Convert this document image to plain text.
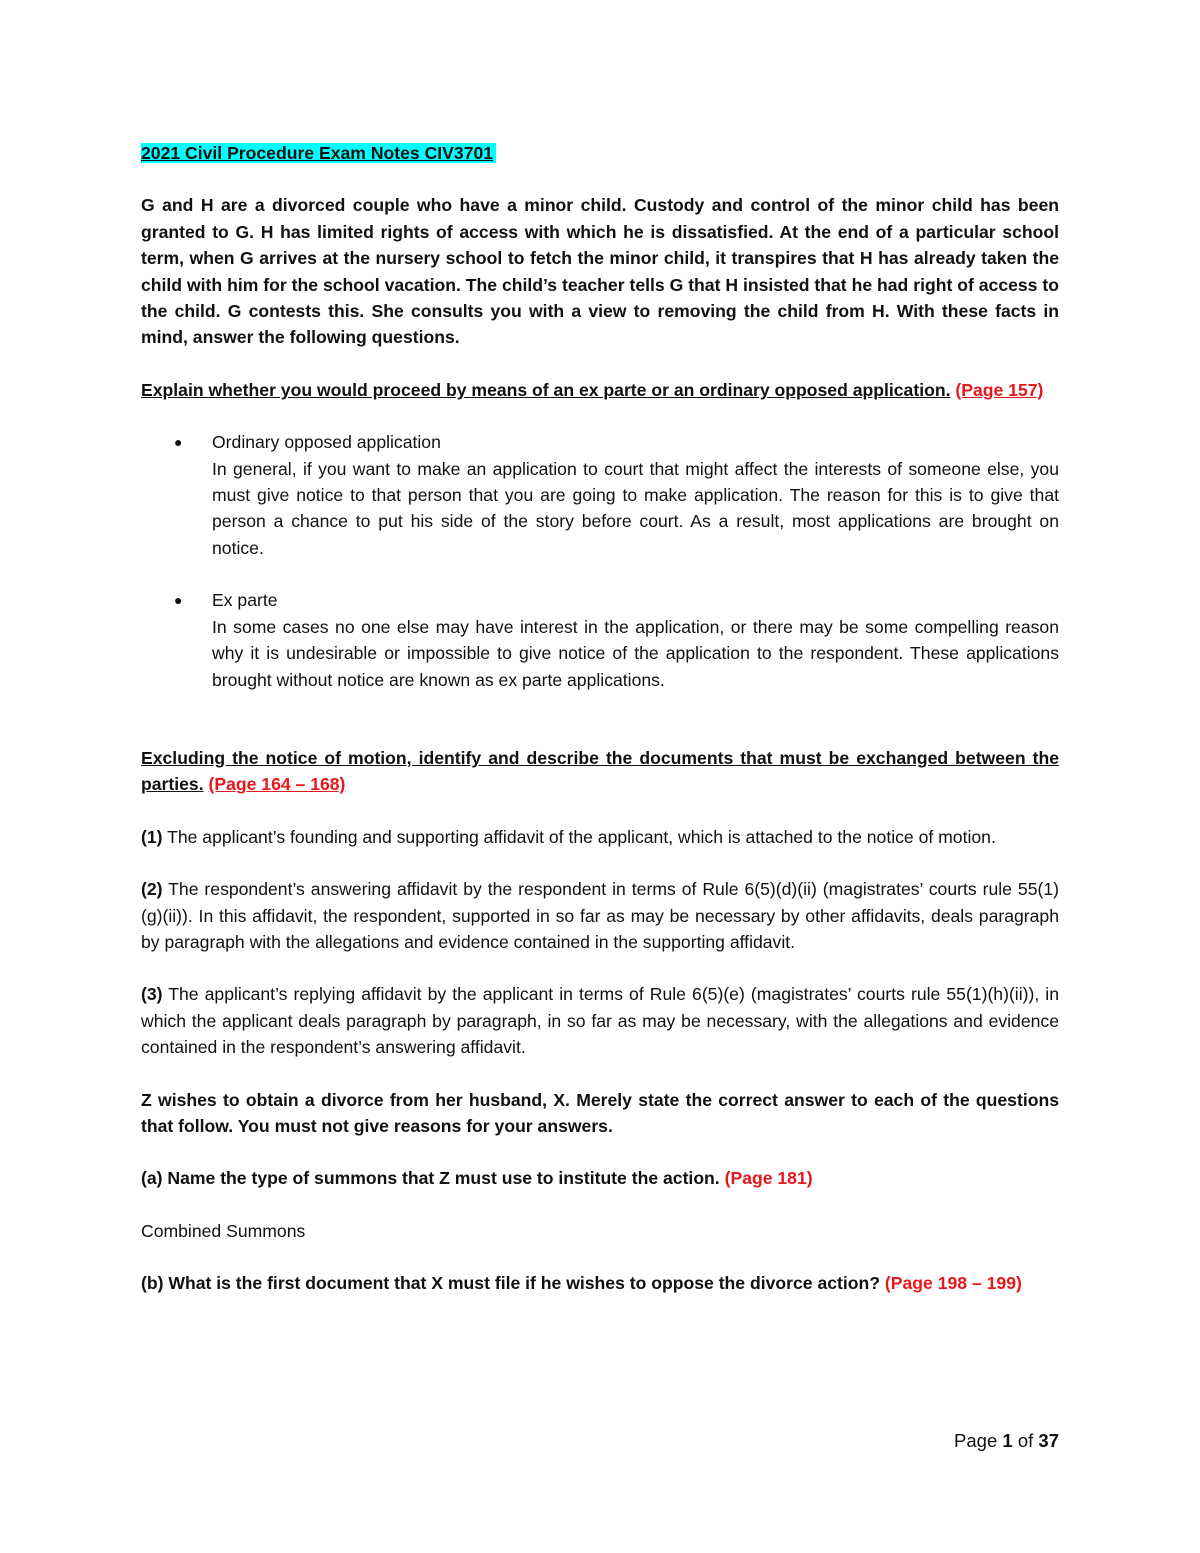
2021 Civil Procedure Exam Notes CIV3701

G and H are a divorced couple who have a minor child. Custody and control of the minor child has been granted to G. H has limited rights of access with which he is dissatisfied. At the end of a particular school term, when G arrives at the nursery school to fetch the minor child, it transpires that H has already taken the child with him for the school vacation. The child’s teacher tells G that H insisted that he had right of access to the child. G contests this. She consults you with a view to removing the child from H. With these facts in mind, answer the following questions.

Explain whether you would proceed by means of an ex parte or an ordinary opposed application. (Page 157)

● Ordinary opposed application

In general, if you want to make an application to court that might affect the interests of someone else, you must give notice to that person that you are going to make application. The reason for this is to give that person a chance to put his side of the story before court. As a result, most applications are brought on notice.

● Ex parte

In some cases no one else may have interest in the application, or there may be some compelling reason why it is undesirable or impossible to give notice of the application to the respondent. These applications brought without notice are known as ex parte applications.

Excluding the notice of motion, identify and describe the documents that must be exchanged between the parties. (Page 164 – 168)

(1) The applicant’s founding and supporting affidavit of the applicant, which is attached to the notice of motion.

(2) The respondent’s answering affidavit by the respondent in terms of Rule 6(5)(d)(ii) (magistrates’ courts rule 55(1)(g)(ii)). In this affidavit, the respondent, supported in so far as may be necessary by other affidavits, deals paragraph by paragraph with the allegations and evidence contained in the supporting affidavit.

(3) The applicant’s replying affidavit by the applicant in terms of Rule 6(5)(e) (magistrates’ courts rule 55(1)(h)(ii)), in which the applicant deals paragraph by paragraph, in so far as may be necessary, with the allegations and evidence contained in the respondent’s answering affidavit.

Z wishes to obtain a divorce from her husband, X. Merely state the correct answer to each of the questions that follow. You must not give reasons for your answers.

(a) Name the type of summons that Z must use to institute the action. (Page 181)

Combined Summons

(b) What is the first document that X must file if he wishes to oppose the divorce action? (Page 198 – 199)

Page 1 of 37
